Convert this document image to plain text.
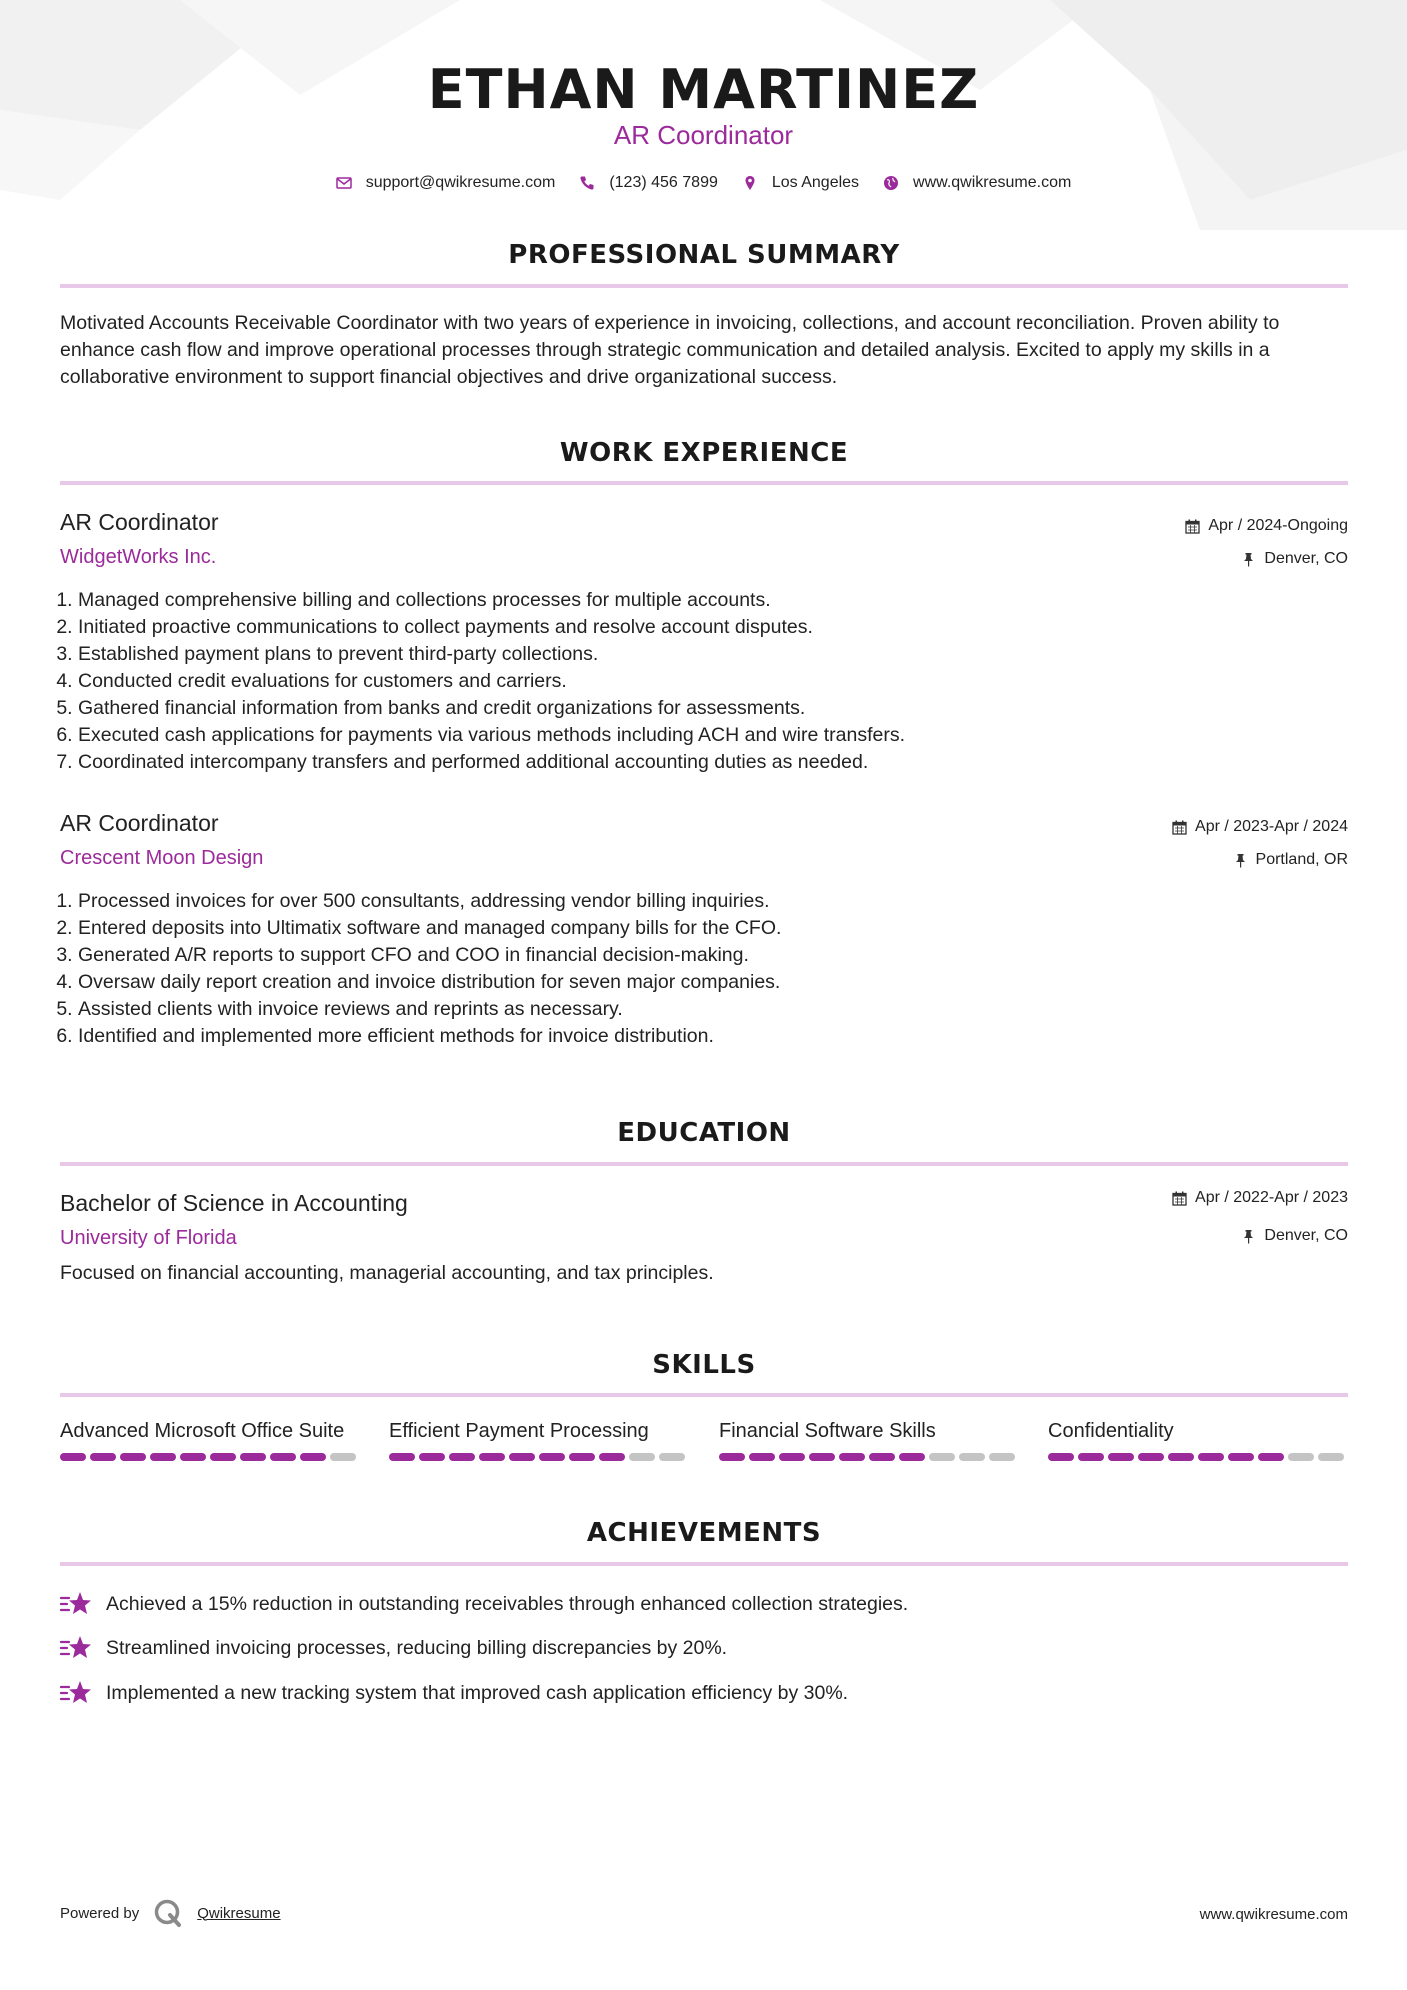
ETHAN MARTINEZ
AR Coordinator
support@qwikresume.com	(123) 456 7899	Los Angeles	www.qwikresume.com
PROFESSIONAL SUMMARY
Motivated Accounts Receivable Coordinator with two years of experience in invoicing, collections, and account reconciliation. Proven ability to enhance cash flow and improve operational processes through strategic communication and detailed analysis. Excited to apply my skills in a collaborative environment to support financial objectives and drive organizational success.
WORK EXPERIENCE
AR Coordinator
WidgetWorks Inc.
Apr / 2024-Ongoing
Denver, CO
1. Managed comprehensive billing and collections processes for multiple accounts.
2. Initiated proactive communications to collect payments and resolve account disputes.
3. Established payment plans to prevent third-party collections.
4. Conducted credit evaluations for customers and carriers.
5. Gathered financial information from banks and credit organizations for assessments.
6. Executed cash applications for payments via various methods including ACH and wire transfers.
7. Coordinated intercompany transfers and performed additional accounting duties as needed.
AR Coordinator
Crescent Moon Design
Apr / 2023-Apr / 2024
Portland, OR
1. Processed invoices for over 500 consultants, addressing vendor billing inquiries.
2. Entered deposits into Ultimatix software and managed company bills for the CFO.
3. Generated A/R reports to support CFO and COO in financial decision-making.
4. Oversaw daily report creation and invoice distribution for seven major companies.
5. Assisted clients with invoice reviews and reprints as necessary.
6. Identified and implemented more efficient methods for invoice distribution.
EDUCATION
Bachelor of Science in Accounting
University of Florida
Apr / 2022-Apr / 2023
Denver, CO
Focused on financial accounting, managerial accounting, and tax principles.
SKILLS
Advanced Microsoft Office Suite	Efficient Payment Processing	Financial Software Skills	Confidentiality
ACHIEVEMENTS
Achieved a 15% reduction in outstanding receivables through enhanced collection strategies.
Streamlined invoicing processes, reducing billing discrepancies by 20%.
Implemented a new tracking system that improved cash application efficiency by 30%.
Powered by	Qwikresume	www.qwikresume.com
